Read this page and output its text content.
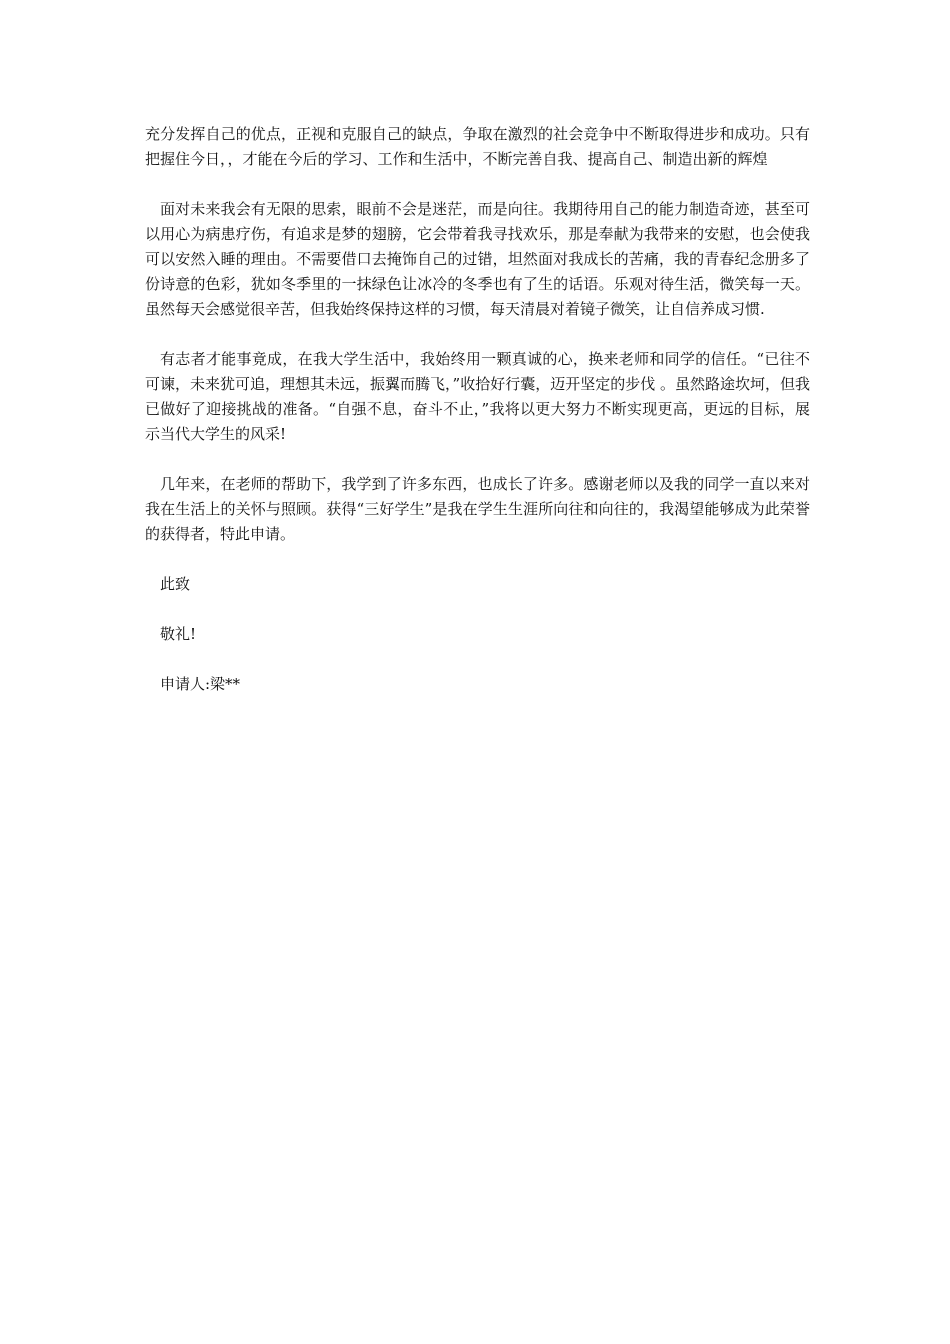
充分发挥自己的优点，正视和克服自己的缺点，争取在激烈的社会竞争中不断取得进步和成功。只有把握住今日，，才能在今后的学习、工作和生活中，不断完善自我、提高自己、制造出新的辉煌

面对未来我会有无限的思索，眼前不会是迷茫，而是向往。我期待用自己的能力制造奇迹，甚至可以用心为病患疗伤，有追求是梦的翅膀，它会带着我寻找欢乐，那是奉献为我带来的安慰，也会使我可以安然入睡的理由。不需要借口去掩饰自己的过错，坦然面对我成长的苦痛，我的青春纪念册多了份诗意的色彩，犹如冬季里的一抹绿色让冰冷的冬季也有了生的话语。乐观对待生活，微笑每一天。虽然每天会感觉很辛苦，但我始终保持这样的习惯，每天清晨对着镜子微笑，让自信养成习惯.

有志者才能事竟成，在我大学生活中，我始终用一颗真诚的心，换来老师和同学的信任。“已往不可谏，未来犹可追，理想其未远，振翼而腾飞，”收拾好行囊，迈开坚定的步伐 。虽然路途坎坷，但我已做好了迎接挑战的准备。“自强不息，奋斗不止，”我将以更大努力不断实现更高，更远的目标，展示当代大学生的风采!

几年来，在老师的帮助下，我学到了许多东西，也成长了许多。感谢老师以及我的同学一直以来对我在生活上的关怀与照顾。获得“三好学生”是我在学生生涯所向往和向往的，我渴望能够成为此荣誉的获得者，特此申请。

此致

敬礼!

申请人:梁**
